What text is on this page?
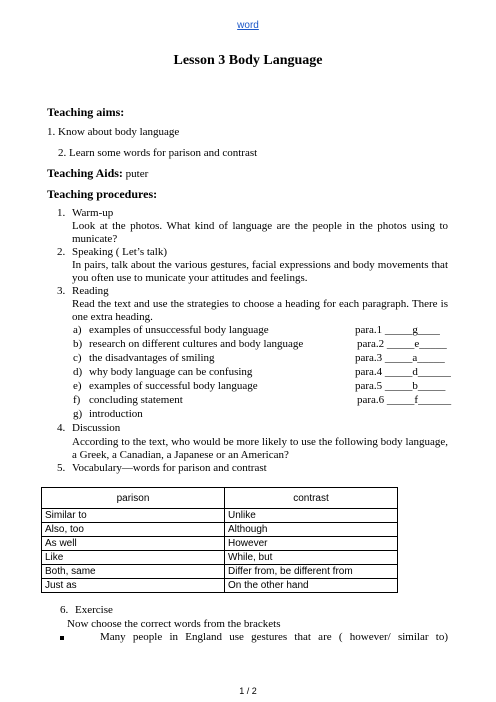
word
Lesson 3 Body Language
Teaching aims:
1. Know about body language
2. Learn some words for parison and contrast
Teaching Aids: puter
Teaching procedures:
1. Warm-up
Look at the photos. What kind of language are the people in the photos using to municate?
2. Speaking ( Let’s talk)
In pairs, talk about the various gestures, facial expressions and body movements that you often use to municate your attitudes and feelings.
3. Reading
Read the text and use the strategies to choose a heading for each paragraph. There is one extra heading.
a) examples of unsuccessful body language	para.1 _____g____
b) research on different cultures and body language	para.2 _____e_____
c) the disadvantages of smiling	para.3 _____a_____
d) why body language can be confusing	para.4 _____d______
e) examples of successful body language	para.5 _____b_____
f) concluding statement	para.6 _____f______
g) introduction
4. Discussion
According to the text, who would be more likely to use the following body language, a Greek, a Canadian, a Japanese or an American?
5. Vocabulary—words for parison and contrast
parison	contrast
Similar to	Unlike
Also, too	Although
As well	However
Like	While, but
Both, same	Differ from, be different from
Just as	On the other hand
6. Exercise
Now choose the correct words from the brackets
Many people in England use gestures that are ( however/ similar to)
1 / 2
